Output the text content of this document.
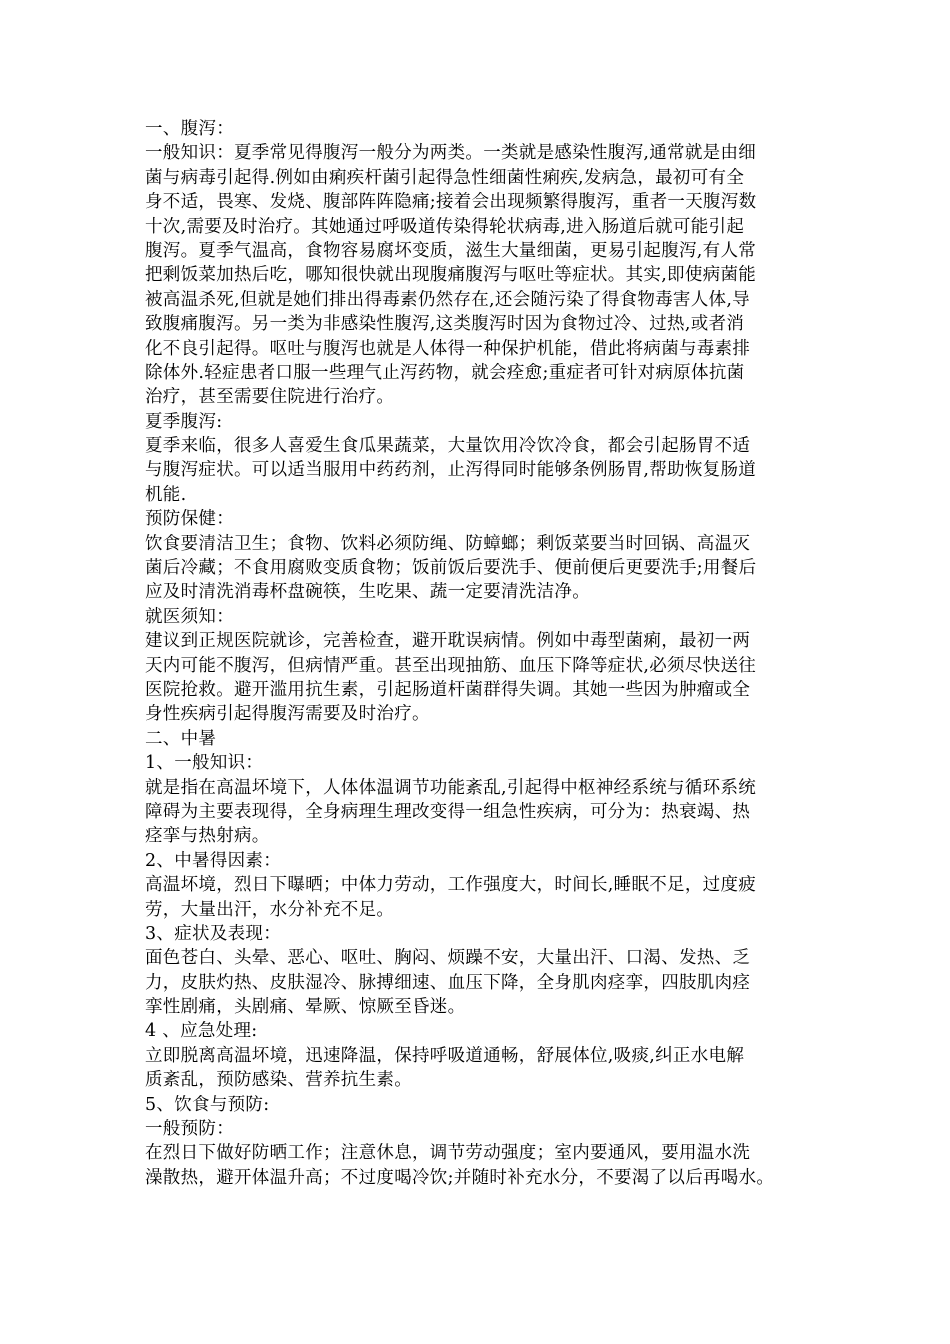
一、腹泻：
一般知识：夏季常见得腹泻一般分为两类。一类就是感染性腹泻,通常就是由细
菌与病毒引起得.例如由痢疾杆菌引起得急性细菌性痢疾,发病急，最初可有全
身不适，畏寒、发烧、腹部阵阵隐痛;接着会出现频繁得腹泻，重者一天腹泻数
十次,需要及时治疗。其她通过呼吸道传染得轮状病毒,进入肠道后就可能引起
腹泻。夏季气温高，食物容易腐坏变质，滋生大量细菌，更易引起腹泻,有人常
把剩饭菜加热后吃，哪知很快就出现腹痛腹泻与呕吐等症状。其实,即使病菌能
被高温杀死,但就是她们排出得毒素仍然存在,还会随污染了得食物毒害人体,导
致腹痛腹泻。另一类为非感染性腹泻,这类腹泻时因为食物过冷、过热,或者消
化不良引起得。呕吐与腹泻也就是人体得一种保护机能，借此将病菌与毒素排
除体外.轻症患者口服一些理气止泻药物，就会痊愈;重症者可针对病原体抗菌
治疗，甚至需要住院进行治疗。
夏季腹泻:
夏季来临，很多人喜爱生食瓜果蔬菜，大量饮用冷饮冷食，都会引起肠胃不适
与腹泻症状。可以适当服用中药药剂，止泻得同时能够条例肠胃,帮助恢复肠道
机能.
预防保健：
饮食要清洁卫生；食物、饮料必须防绳、防蟑螂；剩饭菜要当时回锅、高温灭
菌后冷藏；不食用腐败变质食物；饭前饭后要洗手、便前便后更要洗手;用餐后
应及时清洗消毒杯盘碗筷，生吃果、蔬一定要清洗洁净。
就医须知：
建议到正规医院就诊，完善检查，避开耽误病情。例如中毒型菌痢，最初一两
天内可能不腹泻，但病情严重。甚至出现抽筋、血压下降等症状,必须尽快送往
医院抢救。避开滥用抗生素，引起肠道杆菌群得失调。其她一些因为肿瘤或全
身性疾病引起得腹泻需要及时治疗。
二、中暑
1、一般知识：
就是指在高温坏境下，人体体温调节功能紊乱,引起得中枢神经系统与循环系统
障碍为主要表现得，全身病理生理改变得一组急性疾病，可分为：热衰竭、热
痉挛与热射病。
2、中暑得因素：
高温坏境，烈日下曝晒；中体力劳动，工作强度大，时间长,睡眠不足，过度疲
劳，大量出汗，水分补充不足。
3、症状及表现：
面色苍白、头晕、恶心、呕吐、胸闷、烦躁不安，大量出汗、口渴、发热、乏
力，皮肤灼热、皮肤湿冷、脉搏细速、血压下降，全身肌肉痉挛，四肢肌肉痉
挛性剧痛，头剧痛、晕厥、惊厥至昏迷。
4 、应急处理:
立即脱离高温坏境，迅速降温，保持呼吸道通畅，舒展体位,吸痰,纠正水电解
质紊乱，预防感染、营养抗生素。
5、饮食与预防:
一般预防：
在烈日下做好防晒工作；注意休息，调节劳动强度；室内要通风，要用温水洗
澡散热，避开体温升高；不过度喝冷饮;并随时补充水分，不要渴了以后再喝水。
